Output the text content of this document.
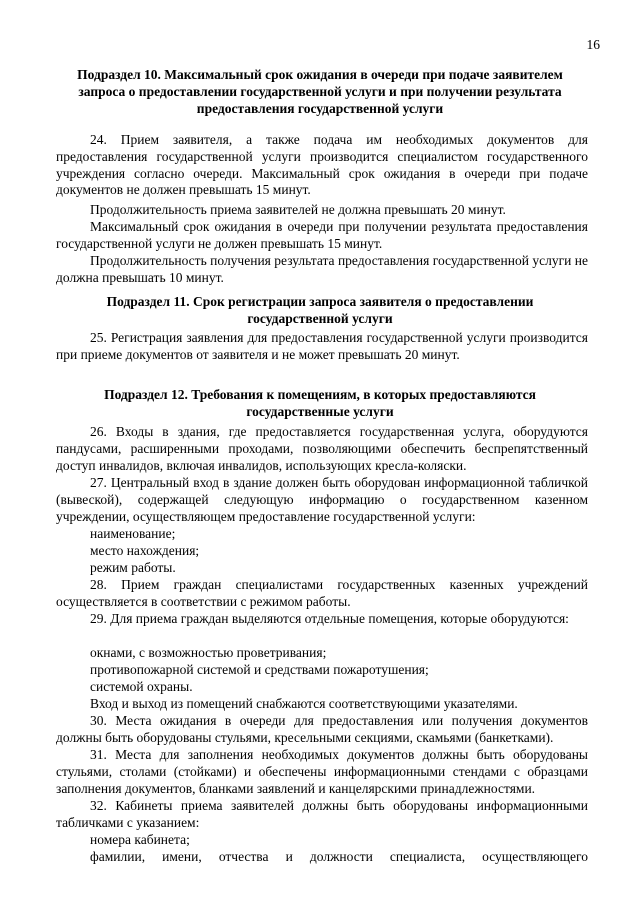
16
Подраздел 10. Максимальный срок ожидания в очереди при подаче заявителем
запроса о предоставлении государственной услуги и при получении результата
предоставления государственной услуги
24. Прием заявителя, а также подача им необходимых документов для предоставления государственной услуги производится специалистом государственного учреждения согласно очереди. Максимальный срок ожидания в очереди при подаче документов не должен превышать 15 минут.
Продолжительность приема заявителей не должна превышать 20 минут.
Максимальный срок ожидания в очереди при получении результата предоставления государственной услуги не должен превышать 15 минут.
Продолжительность получения результата предоставления государственной услуги не должна превышать 10 минут.
Подраздел 11. Срок регистрации запроса заявителя о предоставлении
государственной услуги
25. Регистрация заявления для предоставления государственной услуги производится при приеме документов от заявителя и не может превышать 20 минут.
Подраздел 12. Требования к помещениям, в которых предоставляются
государственные услуги
26. Входы в здания, где предоставляется государственная услуга, оборудуются пандусами, расширенными проходами, позволяющими обеспечить беспрепятственный доступ инвалидов, включая инвалидов, использующих кресла-коляски.
27. Центральный вход в здание должен быть оборудован информационной табличкой (вывеской), содержащей следующую информацию о государственном казенном учреждении, осуществляющем предоставление государственной услуги:
наименование;
место нахождения;
режим работы.
28. Прием граждан специалистами государственных казенных учреждений осуществляется в соответствии с режимом работы.
29. Для приема граждан выделяются отдельные помещения, которые оборудуются:
окнами, с возможностью проветривания;
противопожарной системой и средствами пожаротушения;
системой охраны.
Вход и выход из помещений снабжаются соответствующими указателями.
30. Места ожидания в очереди для предоставления или получения документов должны быть оборудованы стульями, кресельными секциями, скамьями (банкетками).
31. Места для заполнения необходимых документов должны быть оборудованы стульями, столами (стойками) и обеспечены информационными стендами с образцами заполнения документов, бланками заявлений и канцелярскими принадлежностями.
32. Кабинеты приема заявителей должны быть оборудованы информационными табличками с указанием:
номера кабинета;
фамилии, имени, отчества и должности специалиста, осуществляющего
